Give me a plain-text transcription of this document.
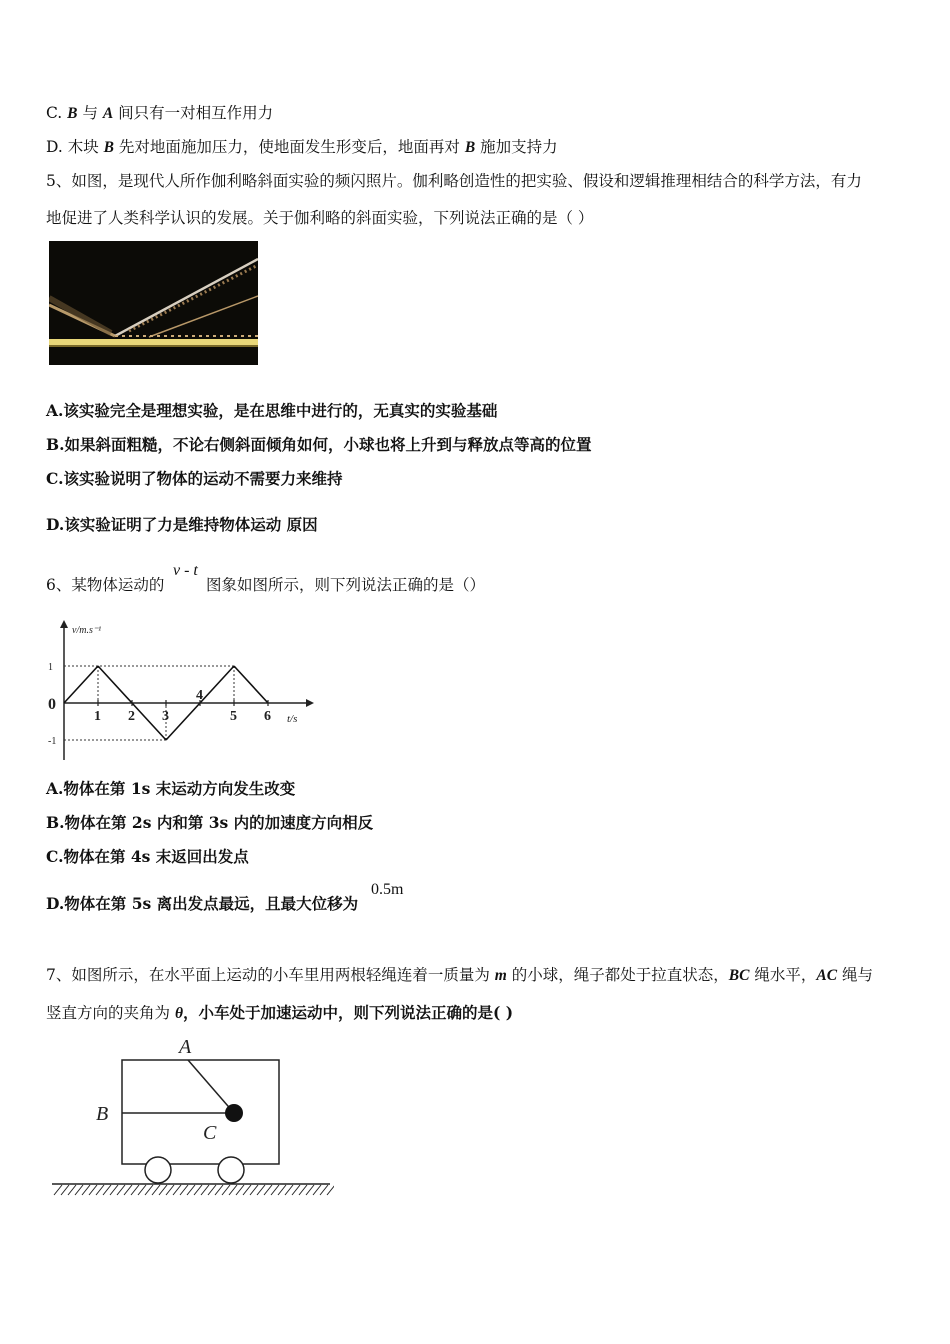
C. B 与 A 间只有一对相互作用力
D. 木块 B 先对地面施加压力，使地面发生形变后，地面再对 B 施加支持力
5、如图，是现代人所作伽利略斜面实验的频闪照片。伽利略创造性的把实验、假设和逻辑推理相结合的科学方法，有力
地促进了人类科学认识的发展。关于伽利略的斜面实验，下列说法正确的是（ ）
A.该实验完全是理想实验，是在思维中进行的，无真实的实验基础
B.如果斜面粗糙，不论右侧斜面倾角如何，小球也将上升到与释放点等高的位置
C.该实验说明了物体的运动不需要力来维持
D.该实验证明了力是维持物体运动 原因
6、某物体运动的
v - t
图象如图所示，则下列说法正确的是（）
v/m.s⁻¹
t/s
0
1 2 3
4
5 6
1
-1
A.物体在第 1s 末运动方向发生改变
B.物体在第 2s 内和第 3s 内的加速度方向相反
C.物体在第 4s 末返回出发点
D.物体在第 5s 离出发点最远，且最大位移为
0.5m
7、如图所示，在水平面上运动的小车里用两根轻绳连着一质量为 m 的小球，绳子都处于拉直状态，BC 绳水平，AC 绳与
竖直方向的夹角为 θ，小车处于加速运动中，则下列说法正确的是( )
A
B
C
